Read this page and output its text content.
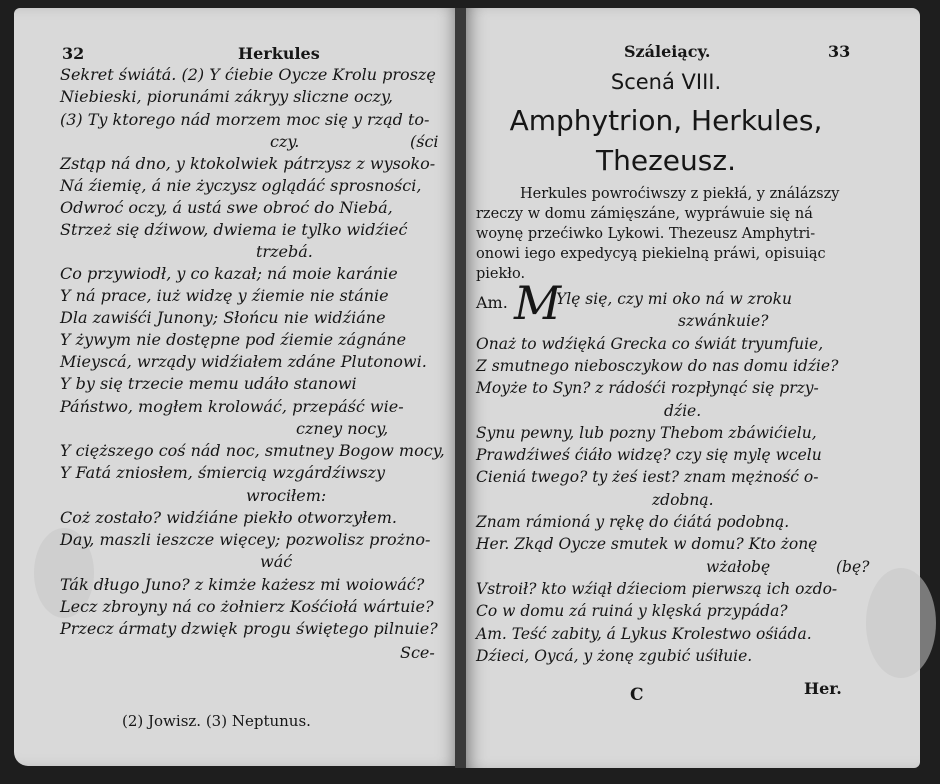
32	Herkules
Sekret świátá. (2) Y ćiebie Oycze Krolu proszę
Niebieski, piorunámi zákryy sliczne oczy,
(3) Ty ktorego nád morzem moc się y rząd to-
czy.	(ści
Zstąp ná dno, y ktokolwiek pátrzysz z wysoko-
Ná źiemię, á nie życzysz oglądáć sprosności,
Odwroć oczy, á ustá swe obroć do Niebá,
Strzeż się dźiwow, dwiema ie tylko widźieć
trzebá.
Co przywiodł, y co kazał; ná moie karánie
Y ná prace, iuż widzę y źiemie nie stánie
Dla zawiśći Junony; Słońcu nie widźiáne
Y żywym nie dostępne pod źiemie zágnáne
Mieyscá, wrządy widźiałem zdáne Plutonowi.
Y by się trzecie memu udáło stanowi
Páństwo, mogłem krolowáć, przepáść wie-
czney nocy,
Y cięższego coś nád noc, smutney Bogow mocy,
Y Fatá zniosłem, śmiercią wzgárdźiwszy
wrociłem:
Coż zostało? widźiáne piekło otworzyłem.
Day, maszli ieszcze więcey; pozwolisz prożno-
wáć
Ták długo Juno? z kimże każesz mi woiowáć?
Lecz zbroyny ná co żołnierz Kośćiołá wártuie?
Przecz ármaty dzwięk progu świętego pilnuie?
Sce-
(2) Jowisz. (3) Neptunus.
Száleiący.	33
Scená VIII.
Amphytrion, Herkules,
Thezeusz.
Herkules powroćiwszy z piekłá, y ználázszy
rzeczy w domu zámięszáne, wypráwuie się ná
woynę przećiwko Lykowi. Thezeusz Amphytri-
onowi iego expedycyą piekielną práwi, opisuiąc
piekło.
Am. M
Ylę się, czy mi oko ná w zroku
szwánkuie?
Onaż to wdźięká Grecka co świát tryumfuie,
Z smutnego niebosczykow do nas domu idźie?
Moyże to Syn? z rádośći rozpłynąć się przy-
dźie.
Synu pewny, lub pozny Thebom zbáwićielu,
Prawdźiweś ćiáło widzę? czy się mylę wcelu
Cieniá twego? ty żeś iest? znam mężność o-
zdobną.
Znam rámioná y rękę do ćiátá podobną.
Her. Zkąd Oycze smutek w domu? Kto żonę
wżałobę	(bę?
Vstroił? kto wźiął dźieciom pierwszą ich ozdo-
Co w domu zá ruiná y klęská przypáda?
Am. Teść zabity, á Lykus Krolestwo ośiáda.
Dźieci, Oycá, y żonę zgubić uśiłuie.
C	Her.
